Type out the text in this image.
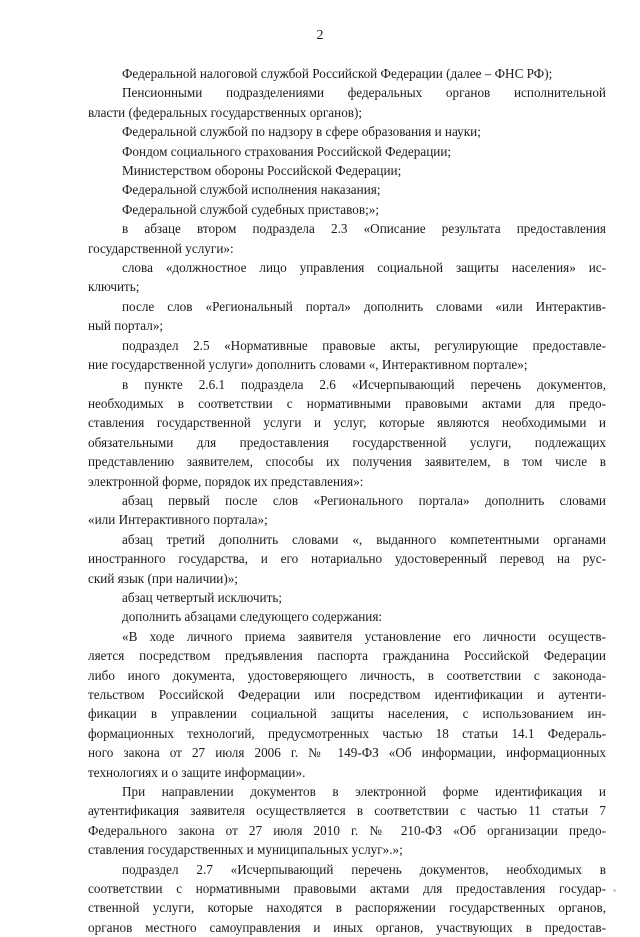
2
Федеральной налоговой службой Российской Федерации (далее – ФНС РФ);
Пенсионными подразделениями федеральных органов исполнительной
власти (федеральных государственных органов);
Федеральной службой по надзору в сфере образования и науки;
Фондом социального страхования Российской Федерации;
Министерством обороны Российской Федерации;
Федеральной службой исполнения наказания;
Федеральной службой судебных приставов;»;
в абзаце втором подраздела 2.3 «Описание результата предоставления
государственной услуги»:
слова «должностное лицо управления социальной защиты населения» ис-
ключить;
после слов «Региональный портал» дополнить словами «или Интерактив-
ный портал»;
подраздел 2.5 «Нормативные правовые акты, регулирующие предоставле-
ние государственной услуги» дополнить словами «, Интерактивном портале»;
в пункте 2.6.1 подраздела 2.6 «Исчерпывающий перечень документов,
необходимых в соответствии с нормативными правовыми актами для предо-
ставления государственной услуги и услуг, которые являются необходимыми и
обязательными для предоставления государственной услуги, подлежащих
представлению заявителем, способы их получения заявителем, в том числе в
электронной форме, порядок их представления»:
абзац первый после слов «Регионального портала» дополнить словами
«или Интерактивного портала»;
абзац третий дополнить словами «, выданного компетентными органами
иностранного государства, и его нотариально удостоверенный перевод на рус-
ский язык (при наличии)»;
абзац четвертый исключить;
дополнить абзацами следующего содержания:
«В ходе личного приема заявителя установление его личности осуществ-
ляется посредством предъявления паспорта гражданина Российской Федерации
либо иного документа, удостоверяющего личность, в соответствии с законода-
тельством Российской Федерации или посредством идентификации и аутенти-
фикации в управлении социальной защиты населения, с использованием ин-
формационных технологий, предусмотренных частью 18 статьи 14.1 Федераль-
ного закона от 27 июля 2006 г. № 149-ФЗ «Об информации, информационных
технологиях и о защите информации».
При направлении документов в электронной форме идентификация и
аутентификация заявителя осуществляется в соответствии с частью 11 статьи 7
Федерального закона от 27 июля 2010 г. № 210-ФЗ «Об организации предо-
ставления государственных и муниципальных услуг».»;
подраздел 2.7 «Исчерпывающий перечень документов, необходимых в
соответствии с нормативными правовыми актами для предоставления государ-
ственной услуги, которые находятся в распоряжении государственных органов,
органов местного самоуправления и иных органов, участвующих в предостав-
